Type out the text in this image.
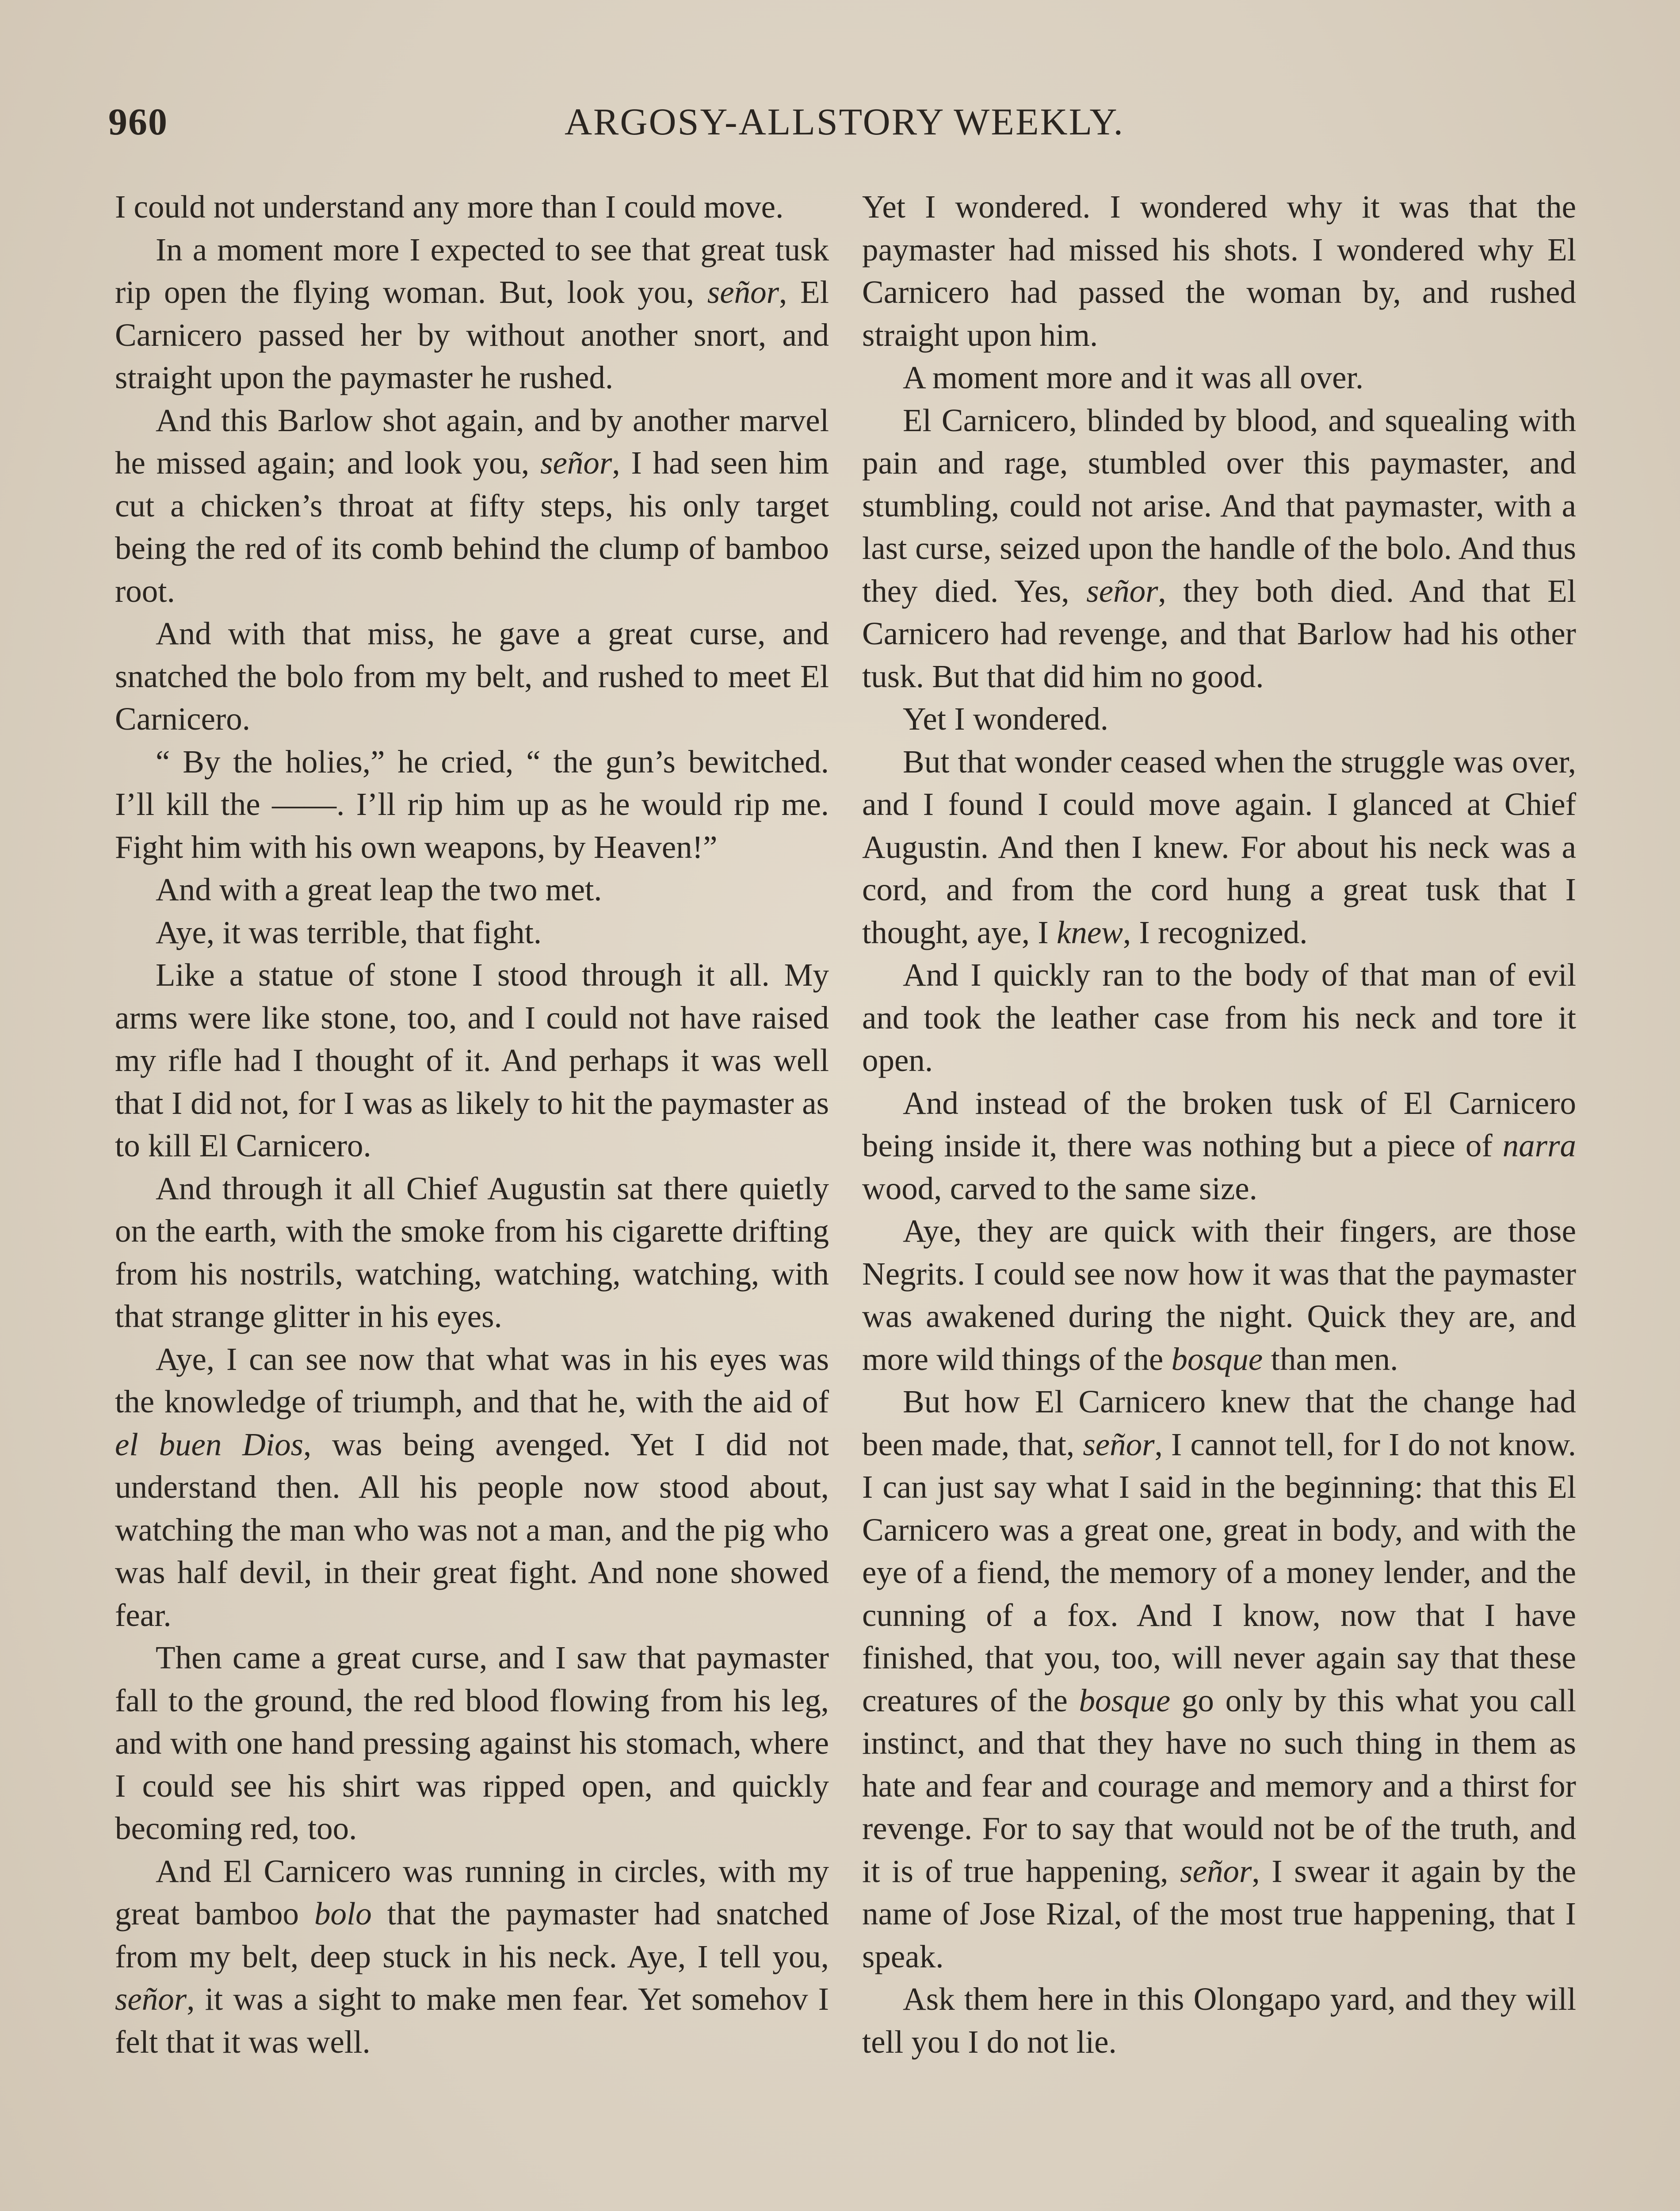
960	ARGOSY-ALLSTORY WEEKLY.

I could not understand any more than I could move.

In a moment more I expected to see that great tusk rip open the flying woman. But, look you, señor, El Carnicero passed her by without another snort, and straight upon the paymaster he rushed.

And this Barlow shot again, and by another marvel he missed again; and look you, señor, I had seen him cut a chicken’s throat at fifty steps, his only target being the red of its comb behind the clump of bamboo root.

And with that miss, he gave a great curse, and snatched the bolo from my belt, and rushed to meet El Carnicero.

“ By the holies,” he cried, “ the gun’s bewitched. I’ll kill the ——. I’ll rip him up as he would rip me. Fight him with his own weapons, by Heaven!”

And with a great leap the two met.

Aye, it was terrible, that fight.

Like a statue of stone I stood through it all. My arms were like stone, too, and I could not have raised my rifle had I thought of it. And perhaps it was well that I did not, for I was as likely to hit the paymaster as to kill El Carnicero.

And through it all Chief Augustin sat there quietly on the earth, with the smoke from his cigarette drifting from his nostrils, watching, watching, watching, with that strange glitter in his eyes.

Aye, I can see now that what was in his eyes was the knowledge of triumph, and that he, with the aid of el buen Dios, was being avenged. Yet I did not understand then. All his people now stood about, watching the man who was not a man, and the pig who was half devil, in their great fight. And none showed fear.

Then came a great curse, and I saw that paymaster fall to the ground, the red blood flowing from his leg, and with one hand pressing against his stomach, where I could see his shirt was ripped open, and quickly becoming red, too.

And El Carnicero was running in circles, with my great bamboo bolo that the paymaster had snatched from my belt, deep stuck in his neck. Aye, I tell you, señor, it was a sight to make men fear. Yet somehov I felt that it was well.

Yet I wondered. I wondered why it was that the paymaster had missed his shots. I wondered why El Carnicero had passed the woman by, and rushed straight upon him.

A moment more and it was all over.

El Carnicero, blinded by blood, and squealing with pain and rage, stumbled over this paymaster, and stumbling, could not arise. And that paymaster, with a last curse, seized upon the handle of the bolo. And thus they died. Yes, señor, they both died. And that El Carnicero had revenge, and that Barlow had his other tusk. But that did him no good.

Yet I wondered.

But that wonder ceased when the struggle was over, and I found I could move again. I glanced at Chief Augustin. And then I knew. For about his neck was a cord, and from the cord hung a great tusk that I thought, aye, I knew, I recognized.

And I quickly ran to the body of that man of evil and took the leather case from his neck and tore it open.

And instead of the broken tusk of El Carnicero being inside it, there was nothing but a piece of narra wood, carved to the same size.

Aye, they are quick with their fingers, are those Negrits. I could see now how it was that the paymaster was awakened during the night. Quick they are, and more wild things of the bosque than men.

But how El Carnicero knew that the change had been made, that, señor, I cannot tell, for I do not know. I can just say what I said in the beginning: that this El Carnicero was a great one, great in body, and with the eye of a fiend, the memory of a money lender, and the cunning of a fox. And I know, now that I have finished, that you, too, will never again say that these creatures of the bosque go only by this what you call instinct, and that they have no such thing in them as hate and fear and courage and memory and a thirst for revenge. For to say that would not be of the truth, and it is of true happening, señor, I swear it again by the name of Jose Rizal, of the most true happening, that I speak.

Ask them here in this Olongapo yard, and they will tell you I do not lie.
